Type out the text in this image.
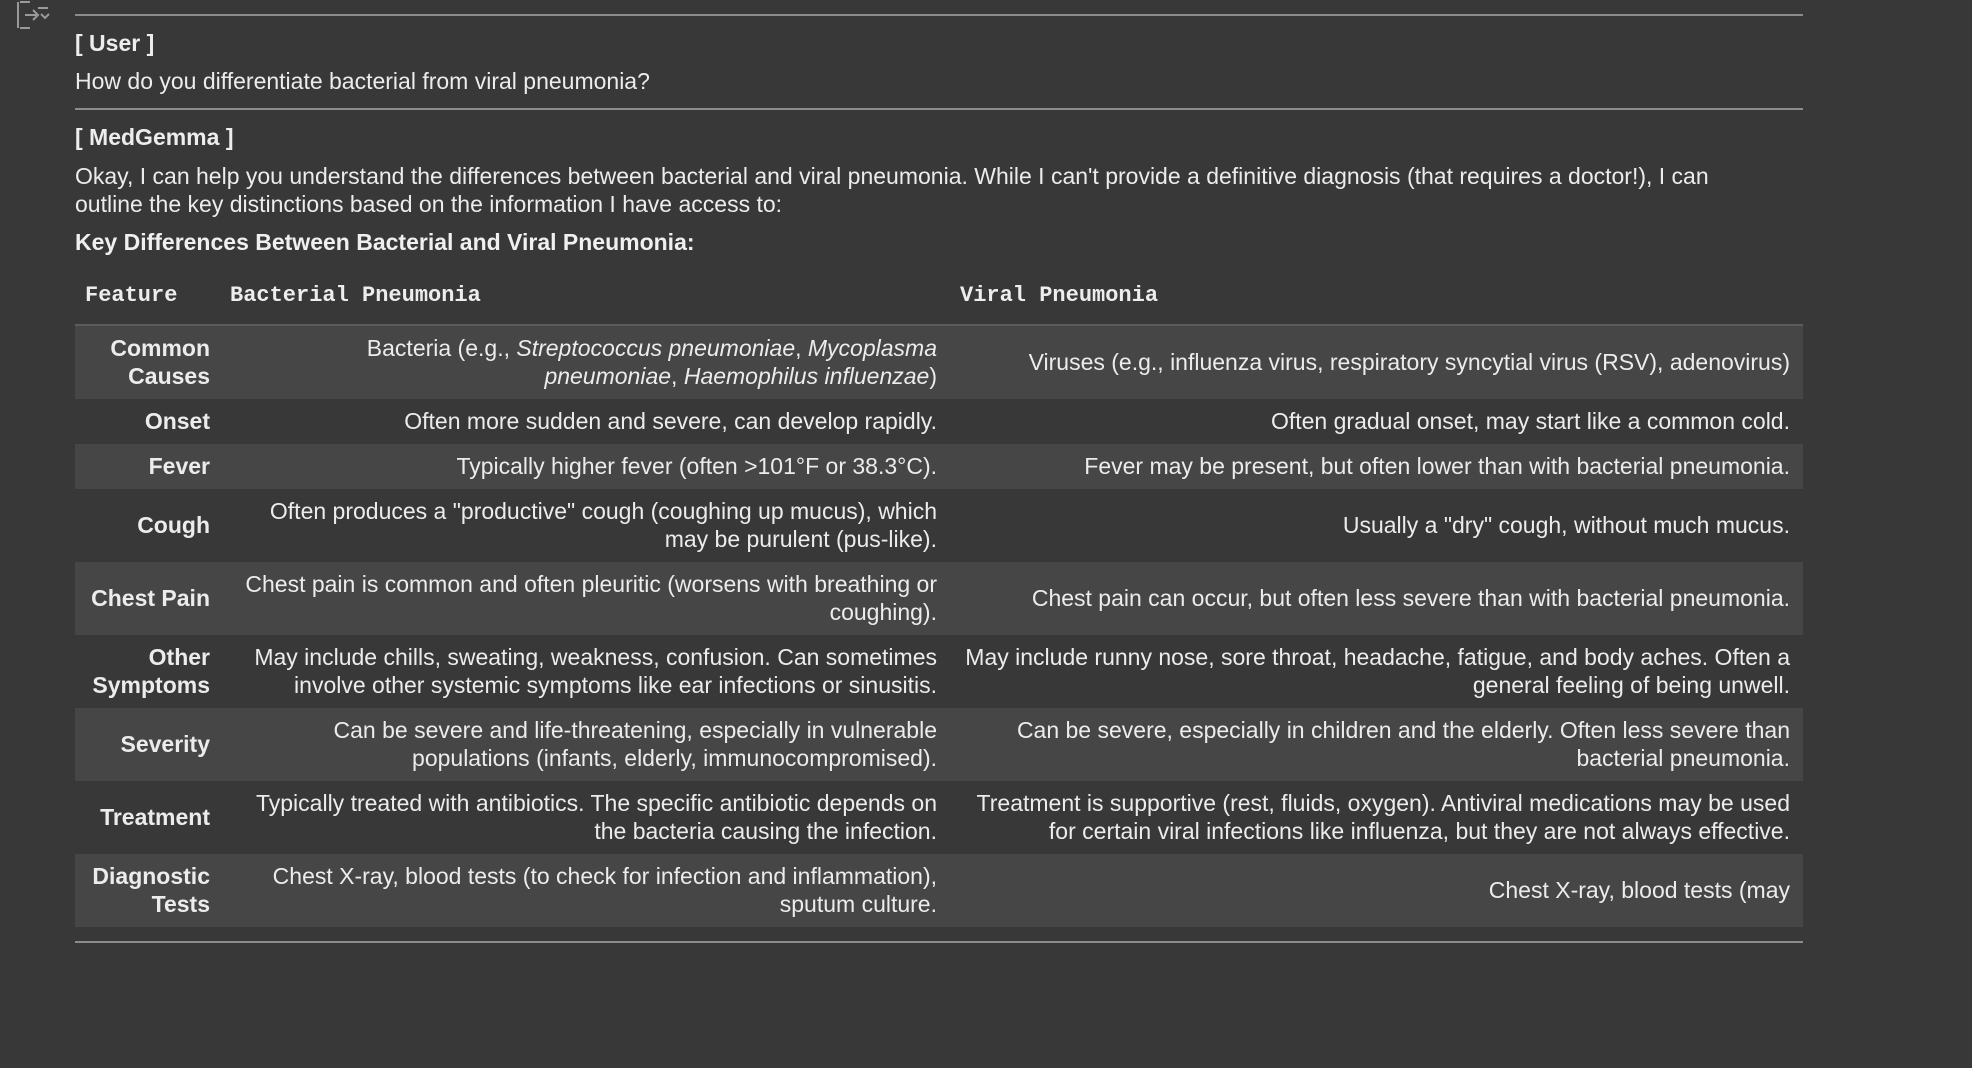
[ User ]
How do you differentiate bacterial from viral pneumonia?
[ MedGemma ]
Okay, I can help you understand the differences between bacterial and viral pneumonia. While I can't provide a definitive diagnosis (that requires a doctor!), I can outline the key distinctions based on the information I have access to:
Key Differences Between Bacterial and Viral Pneumonia:
Feature	Bacterial Pneumonia	Viral Pneumonia
Common Causes	Bacteria (e.g., Streptococcus pneumoniae, Mycoplasma pneumoniae, Haemophilus influenzae)	Viruses (e.g., influenza virus, respiratory syncytial virus (RSV), adenovirus)
Onset	Often more sudden and severe, can develop rapidly.	Often gradual onset, may start like a common cold.
Fever	Typically higher fever (often >101°F or 38.3°C).	Fever may be present, but often lower than with bacterial pneumonia.
Cough	Often produces a "productive" cough (coughing up mucus), which may be purulent (pus-like).	Usually a "dry" cough, without much mucus.
Chest Pain	Chest pain is common and often pleuritic (worsens with breathing or coughing).	Chest pain can occur, but often less severe than with bacterial pneumonia.
Other Symptoms	May include chills, sweating, weakness, confusion. Can sometimes involve other systemic symptoms like ear infections or sinusitis.	May include runny nose, sore throat, headache, fatigue, and body aches. Often a general feeling of being unwell.
Severity	Can be severe and life-threatening, especially in vulnerable populations (infants, elderly, immunocompromised).	Can be severe, especially in children and the elderly. Often less severe than bacterial pneumonia.
Treatment	Typically treated with antibiotics. The specific antibiotic depends on the bacteria causing the infection.	Treatment is supportive (rest, fluids, oxygen). Antiviral medications may be used for certain viral infections like influenza, but they are not always effective.
Diagnostic Tests	Chest X-ray, blood tests (to check for infection and inflammation), sputum culture.	Chest X-ray, blood tests (may
